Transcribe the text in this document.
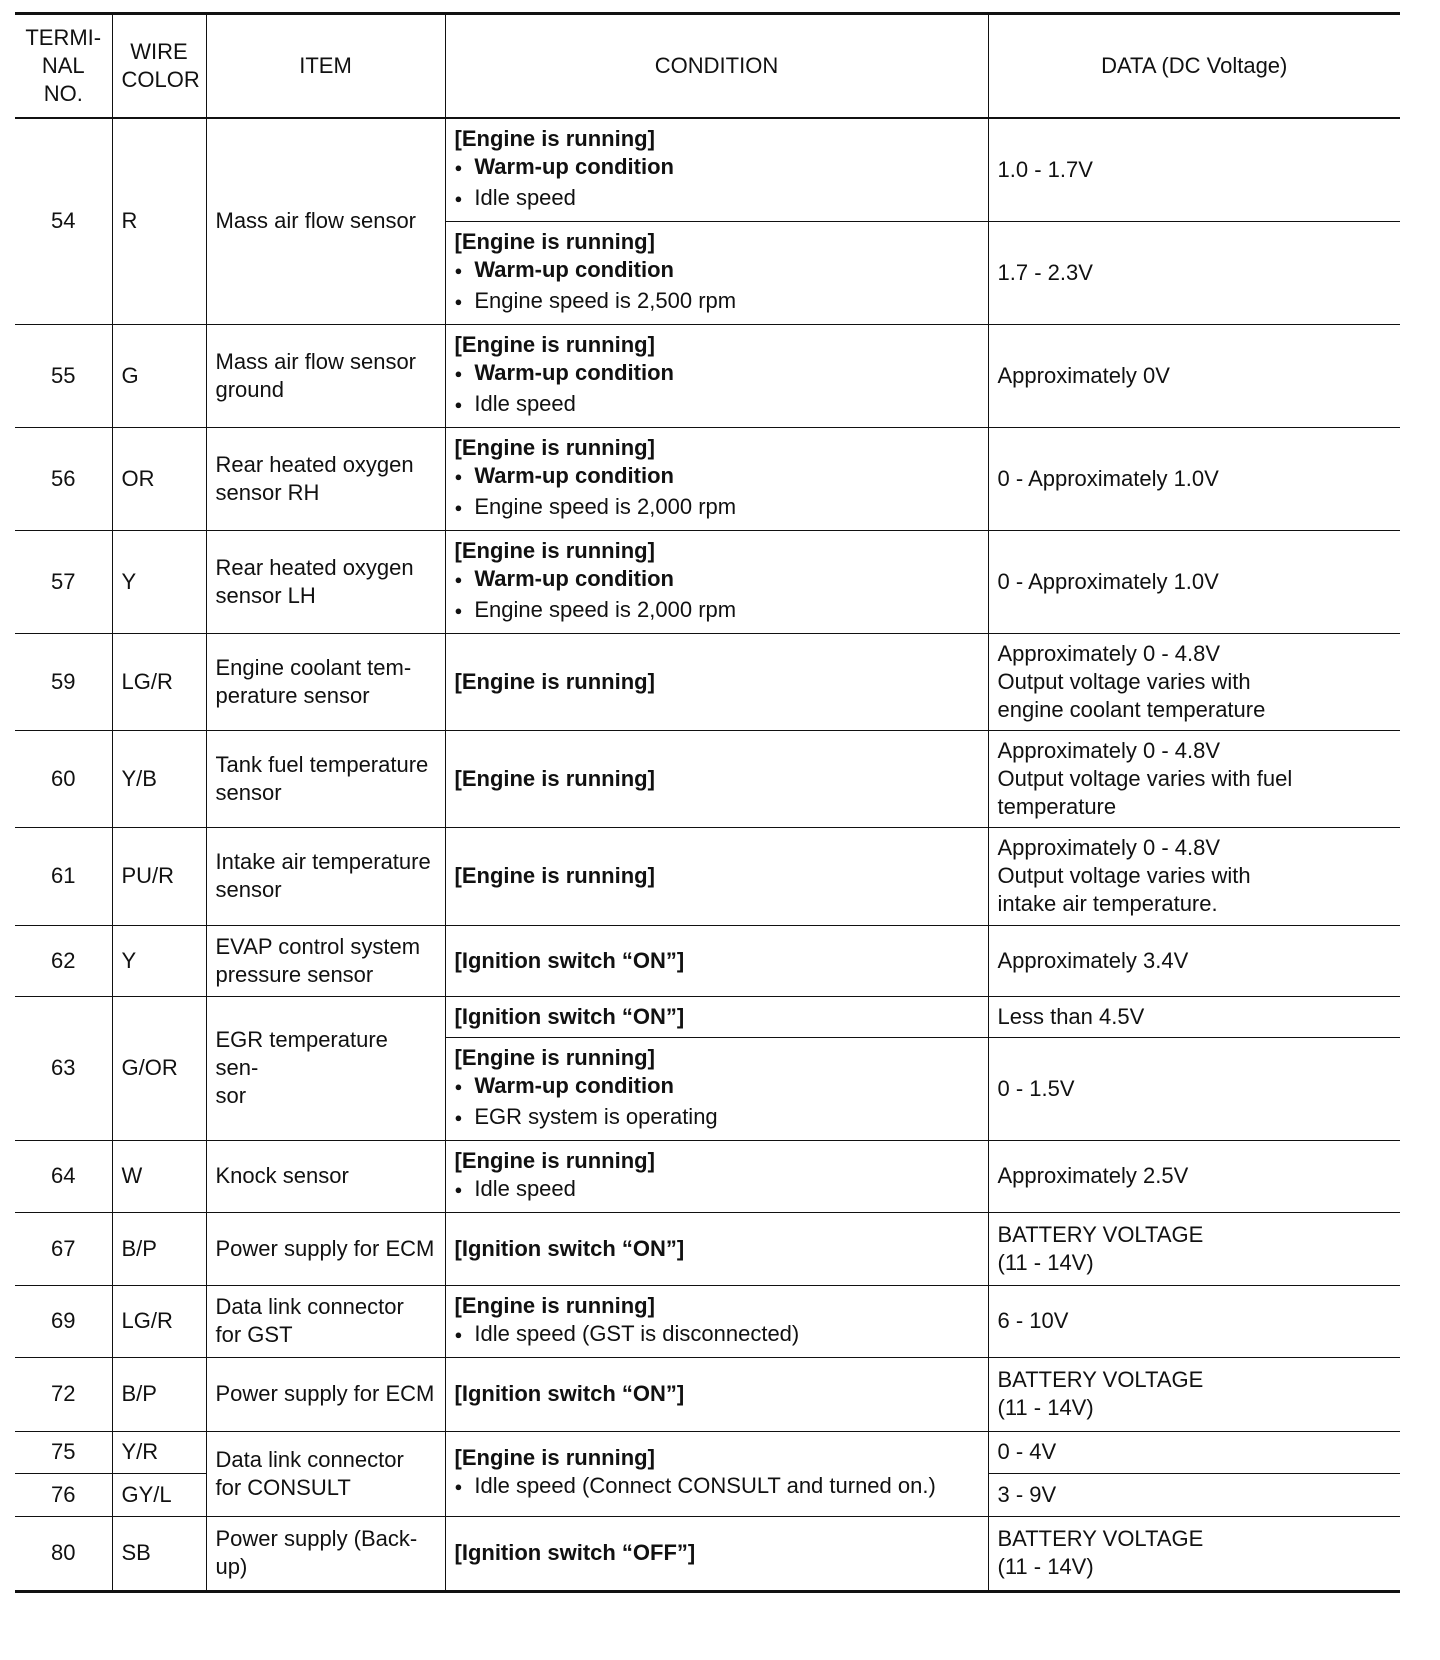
TERMI-
NAL
NO.	WIRE
COLOR	ITEM	CONDITION	DATA (DC Voltage)
54	R	Mass air flow sensor	[Engine is running]
● Warm-up condition
● Idle speed	1.0 - 1.7V

			[Engine is running]
● Warm-up condition
● Engine speed is 2,500 rpm	1.7 - 2.3V
55	G	Mass air flow sensor ground	[Engine is running]
● Warm-up condition
● Idle speed	Approximately 0V
56	OR	Rear heated oxygen sensor RH	[Engine is running]
● Warm-up condition
● Engine speed is 2,000 rpm	0 - Approximately 1.0V
57	Y	Rear heated oxygen sensor LH	[Engine is running]
● Warm-up condition
● Engine speed is 2,000 rpm	0 - Approximately 1.0V
59	LG/R	Engine coolant tem-
perature sensor	[Engine is running]	Approximately 0 - 4.8V
Output voltage varies with
engine coolant temperature
60	Y/B	Tank fuel temperature sensor	[Engine is running]	Approximately 0 - 4.8V
Output voltage varies with fuel
temperature
61	PU/R	Intake air temperature sensor	[Engine is running]	Approximately 0 - 4.8V
Output voltage varies with
intake air temperature.
62	Y	EVAP control system pressure sensor	[Ignition switch “ON”]	Approximately 3.4V
63	G/OR	EGR temperature sen-
sor	[Ignition switch “ON”]	Less than 4.5V

			[Engine is running]
● Warm-up condition
● EGR system is operating	0 - 1.5V
64	W	Knock sensor	[Engine is running]
● Idle speed	Approximately 2.5V
67	B/P	Power supply for ECM	[Ignition switch “ON”]	BATTERY VOLTAGE
(11 - 14V)
69	LG/R	Data link connector for GST	[Engine is running]
● Idle speed (GST is disconnected)	6 - 10V
72	B/P	Power supply for ECM	[Ignition switch “ON”]	BATTERY VOLTAGE
(11 - 14V)
75	Y/R	Data link connector for CONSULT	[Engine is running]
● Idle speed (Connect CONSULT and turned on.)	0 - 4V
76	GY/L			3 - 9V
80	SB	Power supply (Back-
up)	[Ignition switch “OFF”]	BATTERY VOLTAGE
(11 - 14V)
